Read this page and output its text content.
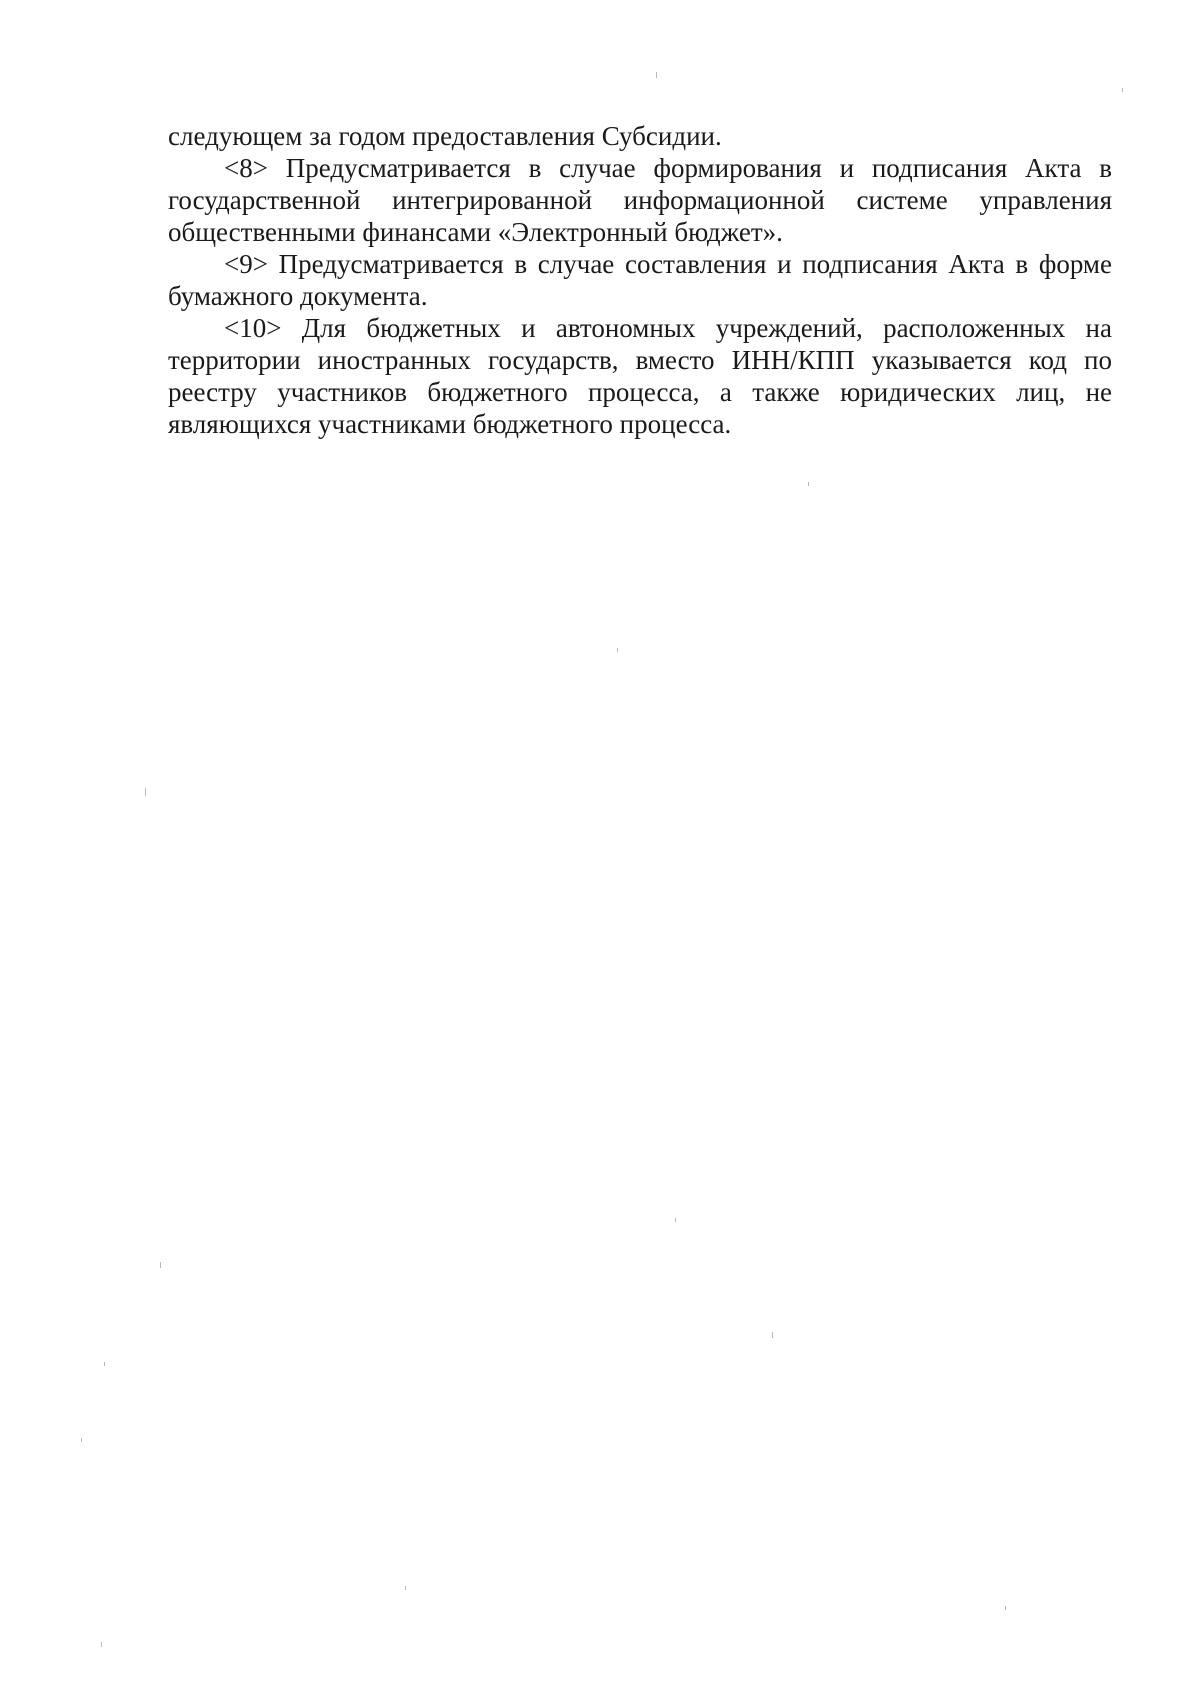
следующем за годом предоставления Субсидии.

<8> Предусматривается в случае формирования и подписания Акта в государственной интегрированной информационной системе управления общественными финансами «Электронный бюджет».

<9> Предусматривается в случае составления и подписания Акта в форме бумажного документа.

<10> Для бюджетных и автономных учреждений, расположенных на территории иностранных государств, вместо ИНН/КПП указывается код по реестру участников бюджетного процесса, а также юридических лиц, не являющихся участниками бюджетного процесса.
